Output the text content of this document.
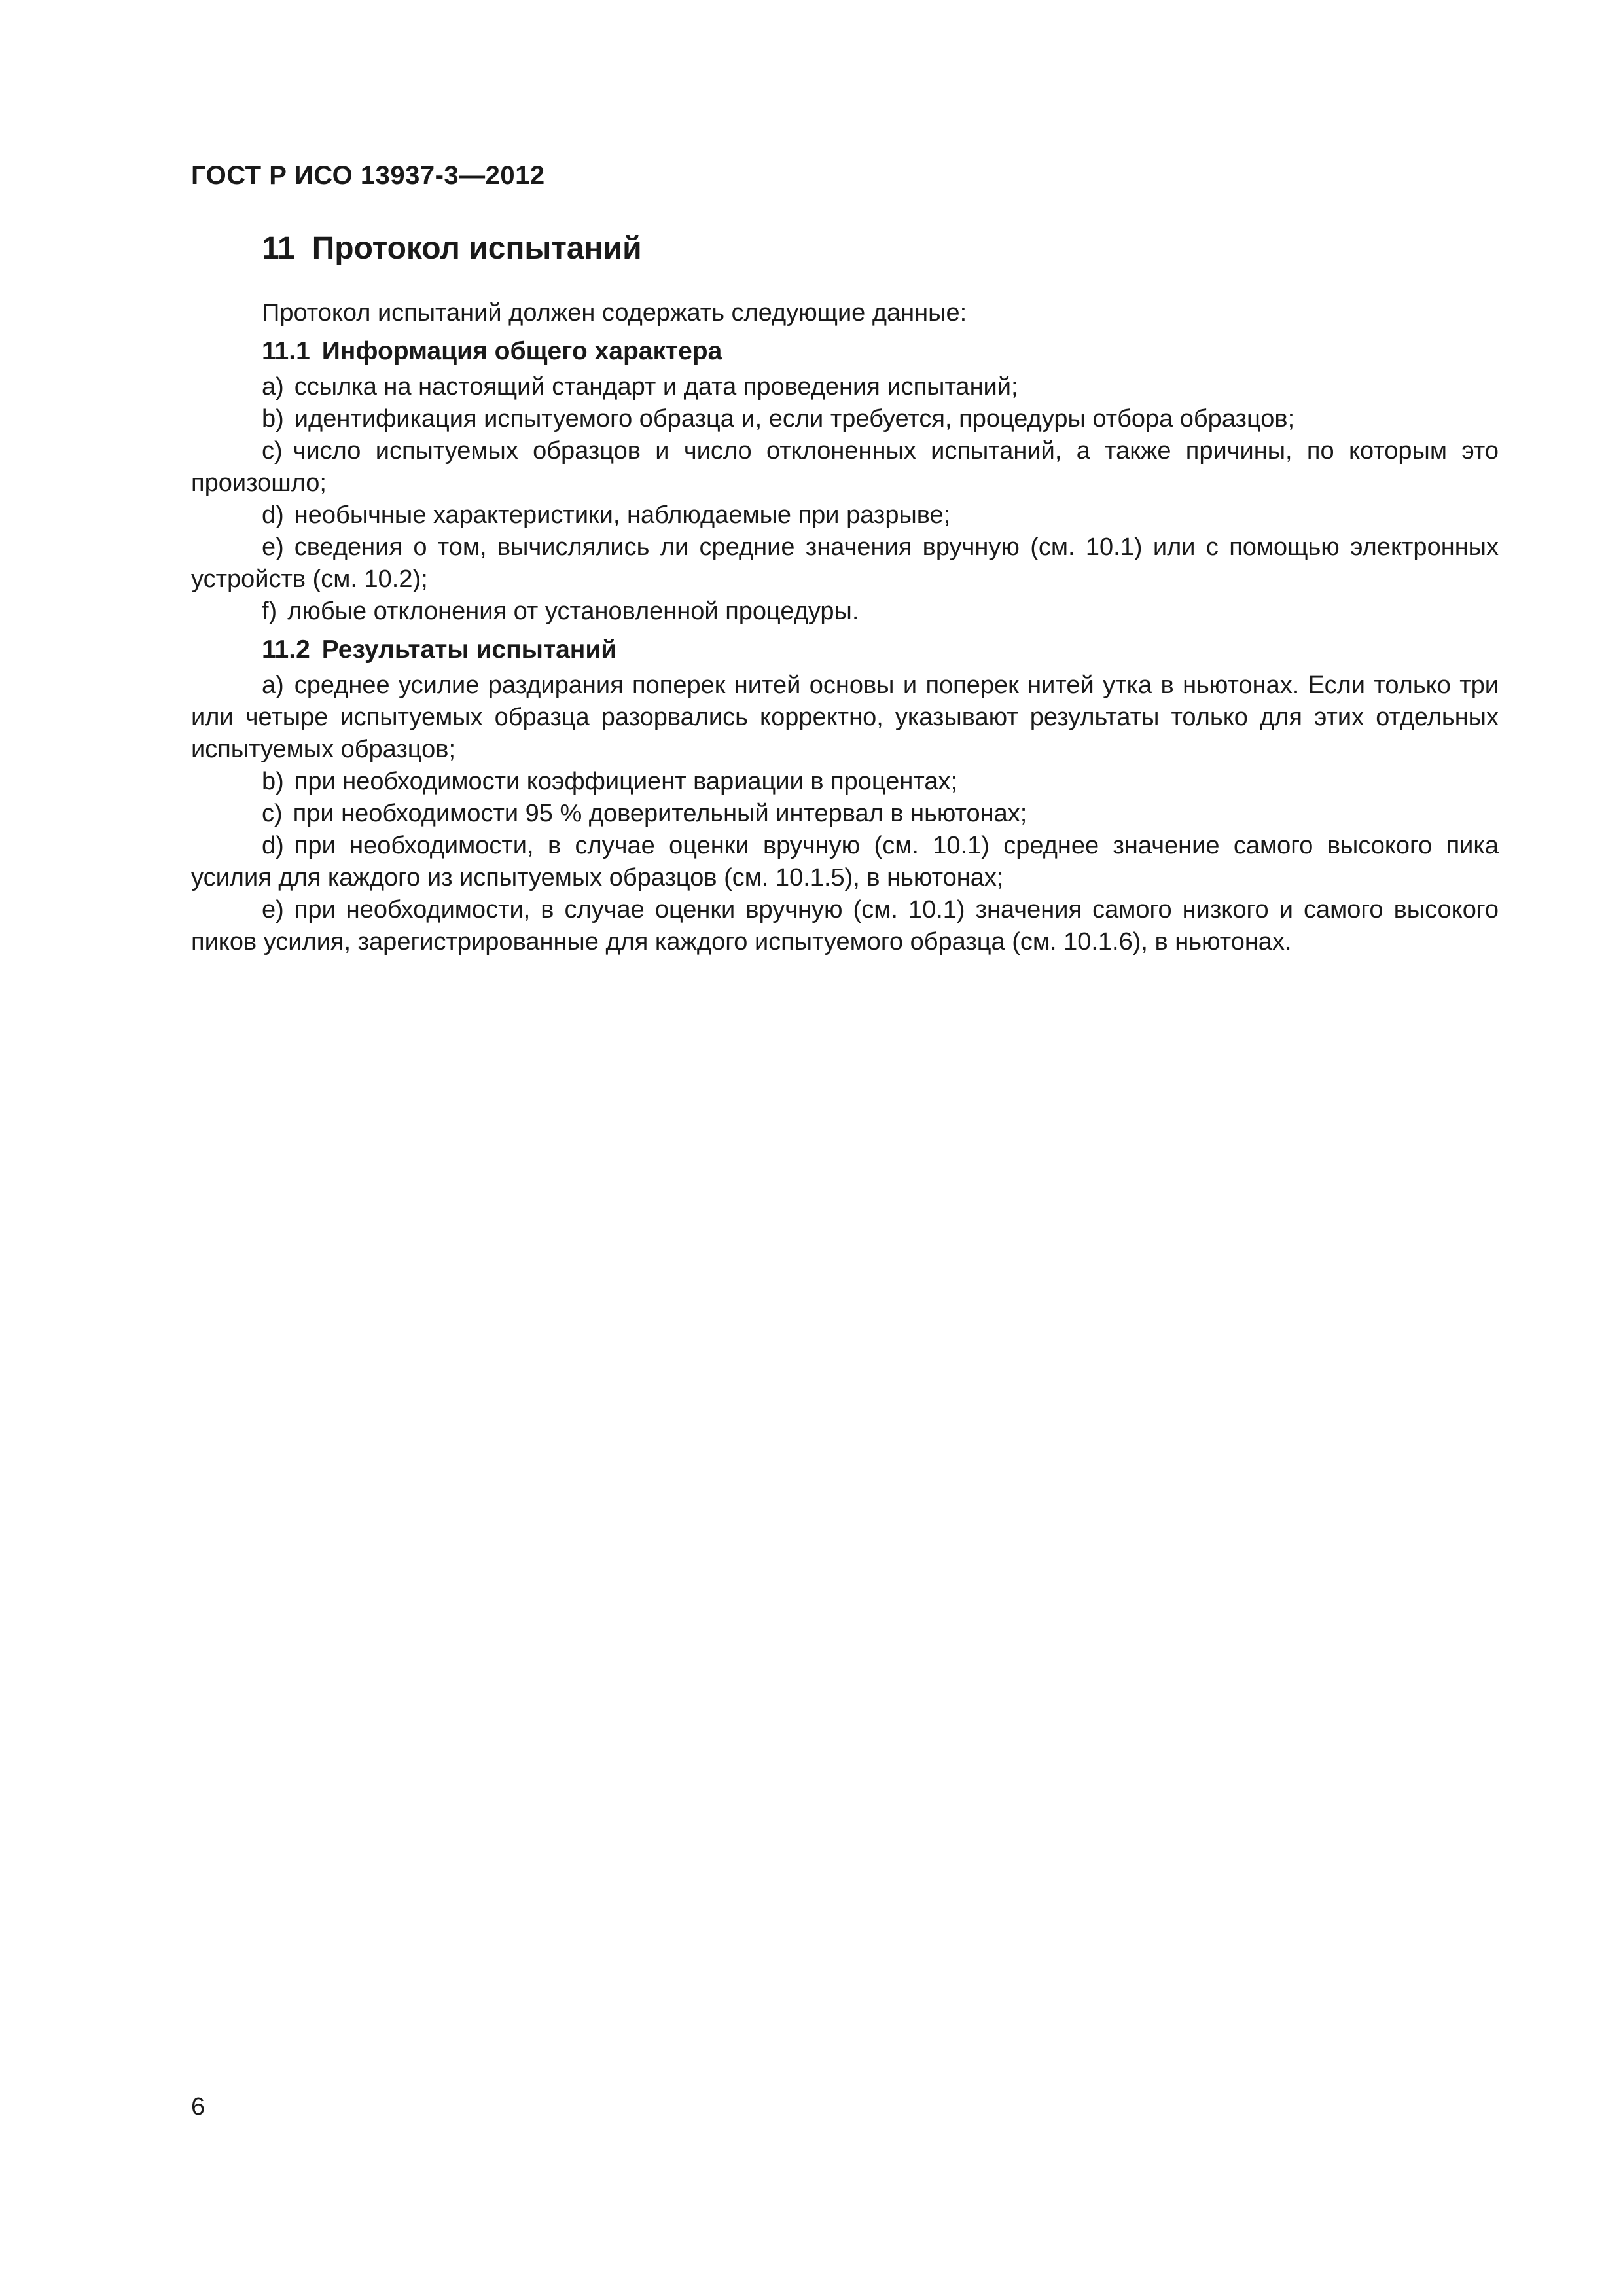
ГОСТ Р ИСО 13937-3—2012
11 Протокол испытаний

Протокол испытаний должен содержать следующие данные:

11.1 Информация общего характера

a) ссылка на настоящий стандарт и дата проведения испытаний;

b) идентификация испытуемого образца и, если требуется, процедуры отбора образцов;

c) число испытуемых образцов и число отклоненных испытаний, а также причины, по которым это произошло;

d) необычные характеристики, наблюдаемые при разрыве;

e) сведения о том, вычислялись ли средние значения вручную (см. 10.1) или с помощью электронных устройств (см. 10.2);

f) любые отклонения от установленной процедуры.

11.2 Результаты испытаний

a) среднее усилие раздирания поперек нитей основы и поперек нитей утка в ньютонах. Если только три или четыре испытуемых образца разорвались корректно, указывают результаты только для этих отдельных испытуемых образцов;

b) при необходимости коэффициент вариации в процентах;

c) при необходимости 95 % доверительный интервал в ньютонах;

d) при необходимости, в случае оценки вручную (см. 10.1) среднее значение самого высокого пика усилия для каждого из испытуемых образцов (см. 10.1.5), в ньютонах;

e) при необходимости, в случае оценки вручную (см. 10.1) значения самого низкого и самого высокого пиков усилия, зарегистрированные для каждого испытуемого образца (см. 10.1.6), в ньютонах.

6
